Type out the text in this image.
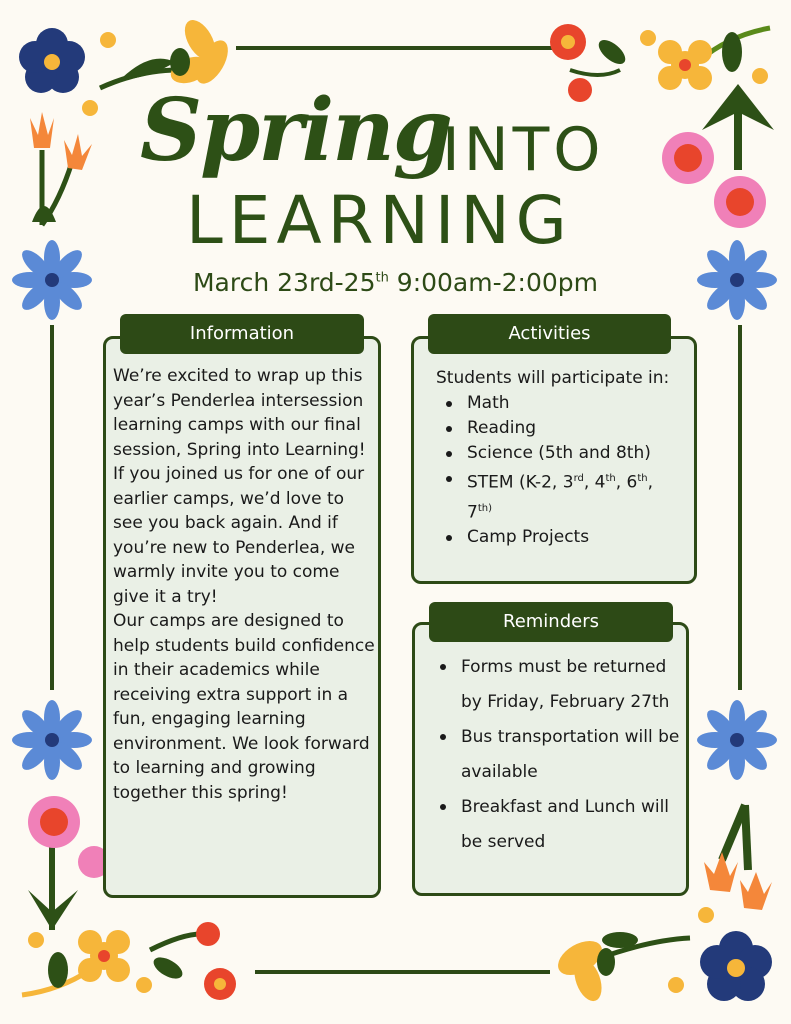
Spring
INTO
LEARNING
March 23rd-25th 9:00am-2:00pm
Information
We’re excited to wrap up this year’s Penderlea intersession learning camps with our final session, Spring into Learning!
If you joined us for one of our earlier camps, we’d love to see you back again. And if you’re new to Penderlea, we warmly invite you to come give it a try!
Our camps are designed to help students build confidence in their academics while receiving extra support in a fun, engaging learning environment. We look forward to learning and growing together this spring!
Activities
Students will participate in:
Math
Reading
Science (5th and 8th)
STEM (K-2, 3rd, 4th, 6th,
$7^{th)}$
Camp Projects
Reminders
Forms must be returned by Friday, February 27th
Bus transportation will be available
Breakfast and Lunch will be served
